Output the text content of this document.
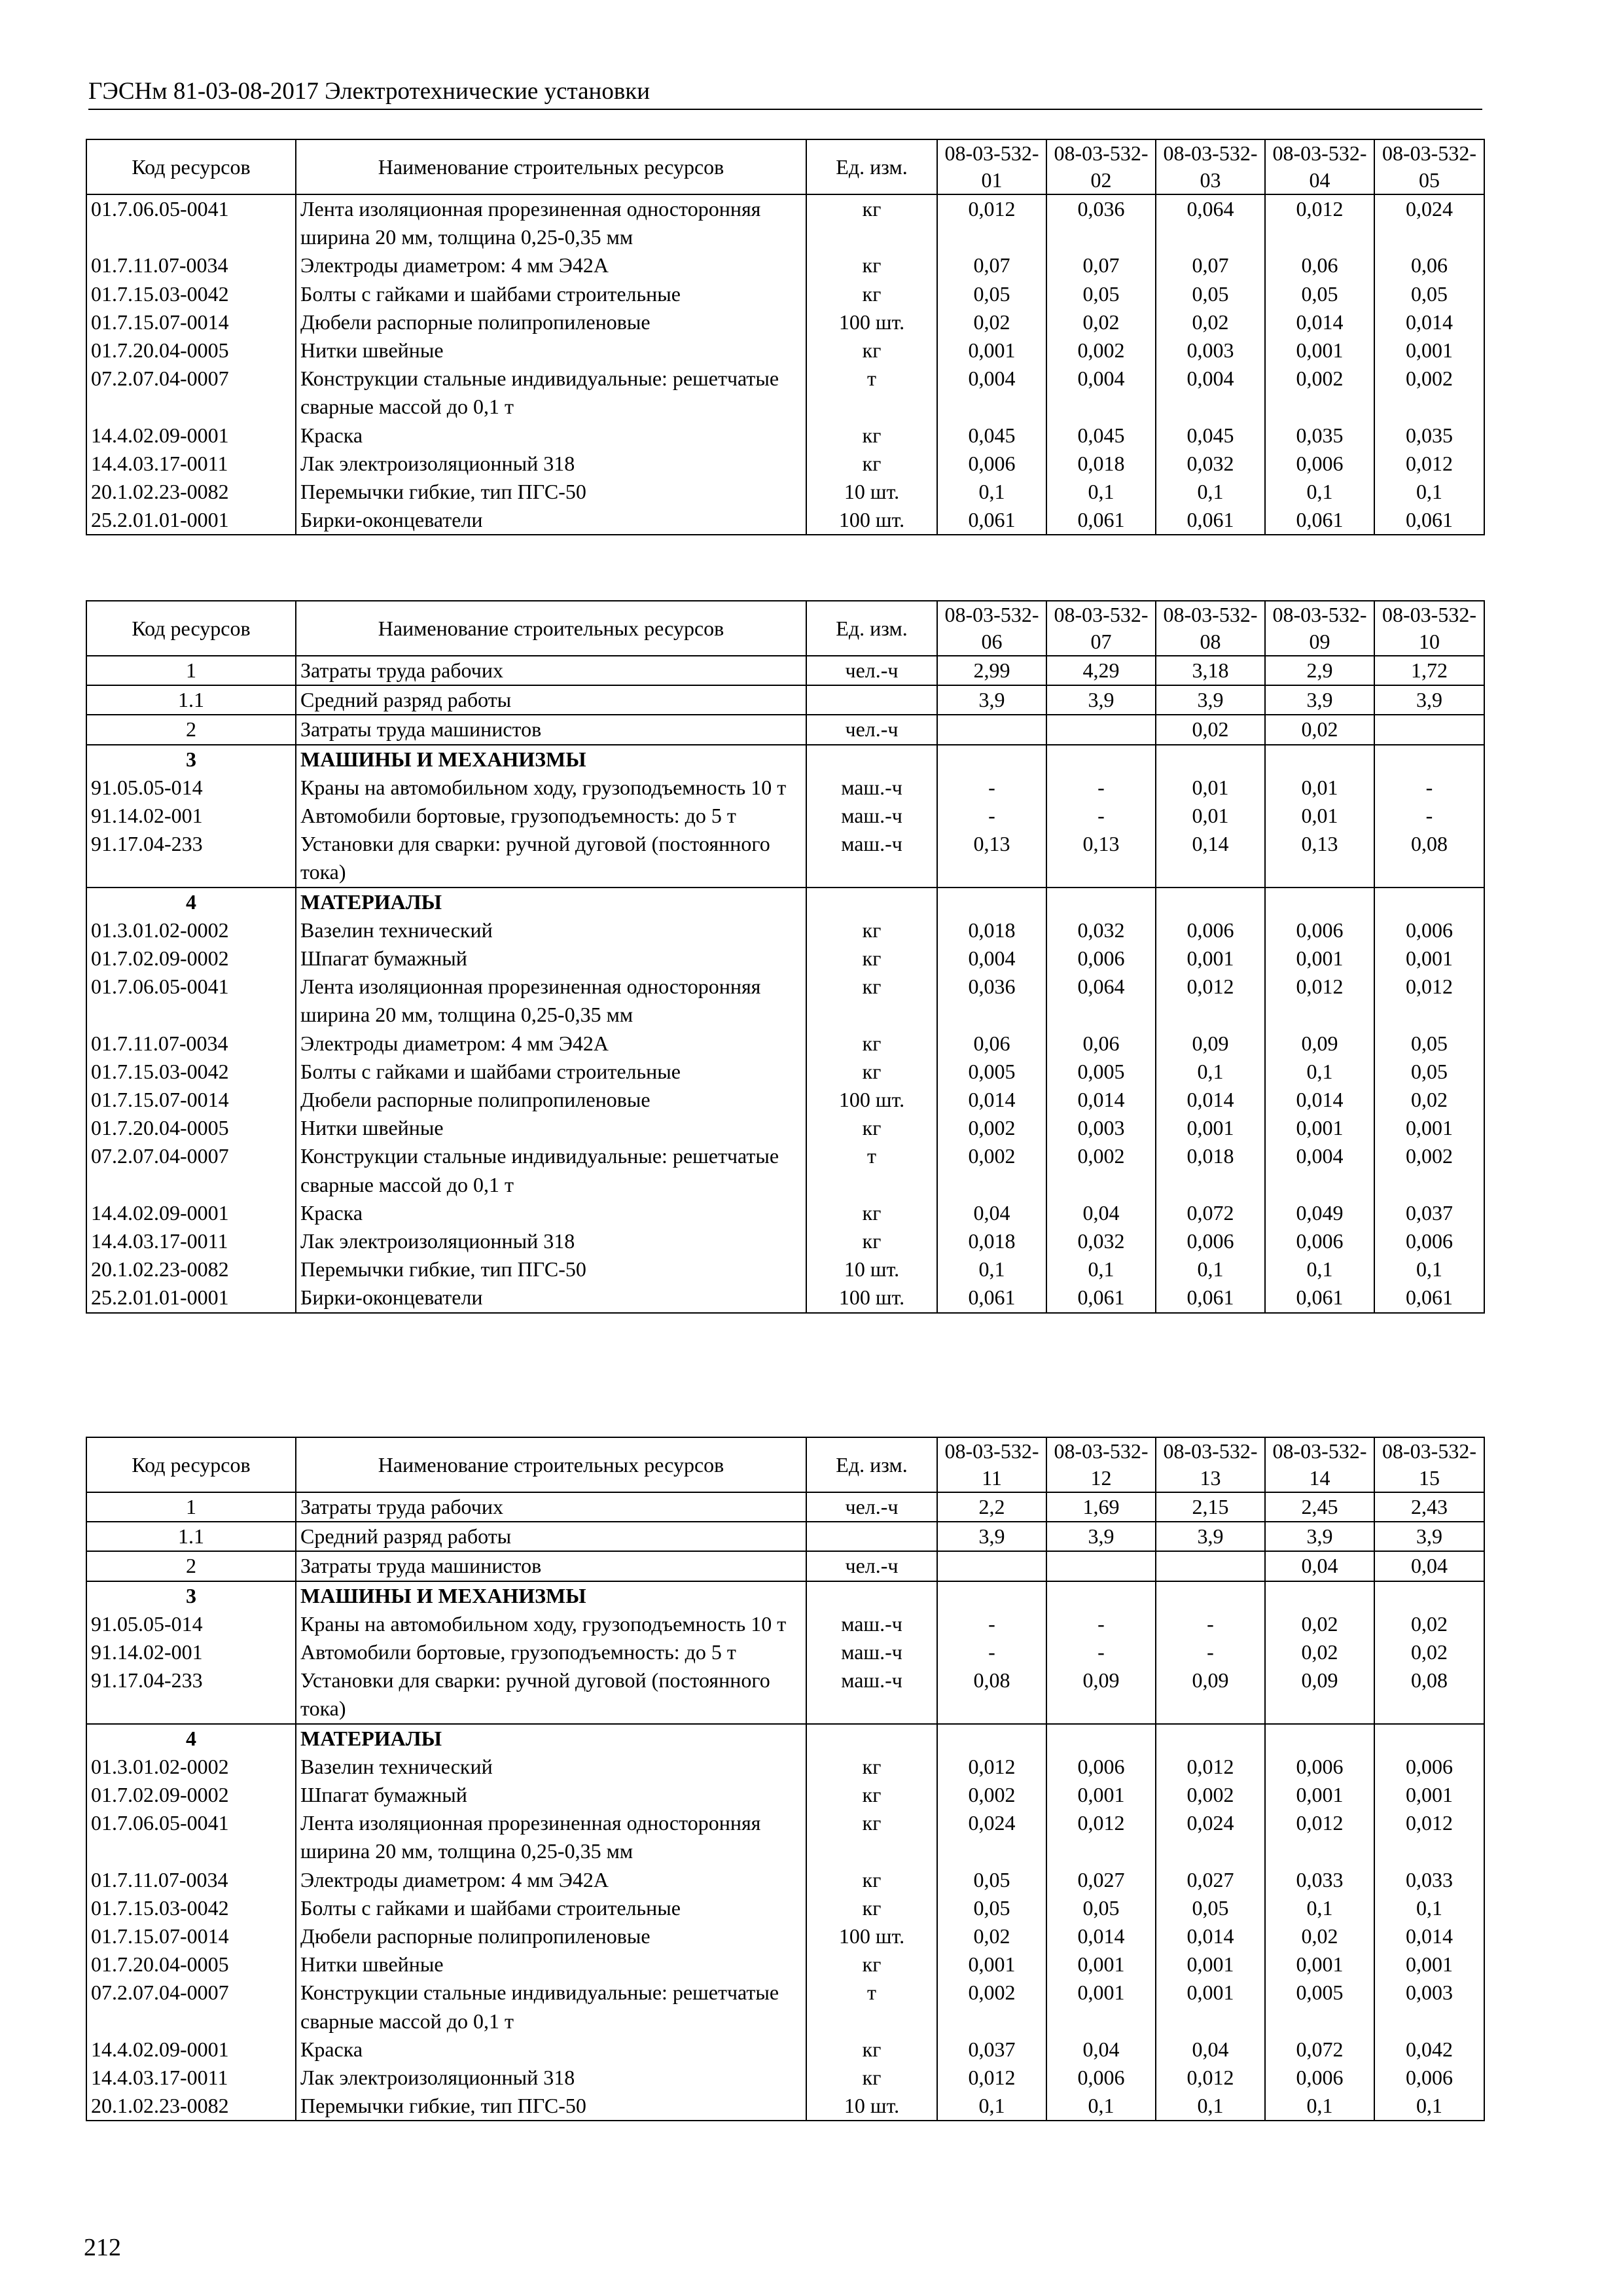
ГЭСНм 81-03-08-2017 Электротехнические установки
Код ресурсов	Наименование строительных ресурсов	Ед. изм.	08-03-532-01	08-03-532-02	08-03-532-03	08-03-532-04	08-03-532-05
01.7.06.05-0041	Лента изоляционная прорезиненная односторонняя ширина 20 мм, толщина 0,25-0,35 мм	кг	0,012	0,036	0,064	0,012	0,024
01.7.11.07-0034	Электроды диаметром: 4 мм Э42А	кг	0,07	0,07	0,07	0,06	0,06
01.7.15.03-0042	Болты с гайками и шайбами строительные	кг	0,05	0,05	0,05	0,05	0,05
01.7.15.07-0014	Дюбели распорные полипропиленовые	100 шт.	0,02	0,02	0,02	0,014	0,014
01.7.20.04-0005	Нитки швейные	кг	0,001	0,002	0,003	0,001	0,001
07.2.07.04-0007	Конструкции стальные индивидуальные: решетчатые сварные массой до 0,1 т	т	0,004	0,004	0,004	0,002	0,002
14.4.02.09-0001	Краска	кг	0,045	0,045	0,045	0,035	0,035
14.4.03.17-0011	Лак электроизоляционный 318	кг	0,006	0,018	0,032	0,006	0,012
20.1.02.23-0082	Перемычки гибкие, тип ПГС-50	10 шт.	0,1	0,1	0,1	0,1	0,1
25.2.01.01-0001	Бирки-оконцеватели	100 шт.	0,061	0,061	0,061	0,061	0,061
Код ресурсов	Наименование строительных ресурсов	Ед. изм.	08-03-532-06	08-03-532-07	08-03-532-08	08-03-532-09	08-03-532-10
1	Затраты труда рабочих	чел.-ч	2,99	4,29	3,18	2,9	1,72
1.1	Средний разряд работы		3,9	3,9	3,9	3,9	3,9
2	Затраты труда машинистов	чел.-ч			0,02	0,02	
3	МАШИНЫ И МЕХАНИЗМЫ						
91.05.05-014	Краны на автомобильном ходу, грузоподъемность 10 т	маш.-ч	-	-	0,01	0,01	-
91.14.02-001	Автомобили бортовые, грузоподъемность: до 5 т	маш.-ч	-	-	0,01	0,01	-
91.17.04-233	Установки для сварки: ручной дуговой (постоянного тока)	маш.-ч	0,13	0,13	0,14	0,13	0,08
4	МАТЕРИАЛЫ						
01.3.01.02-0002	Вазелин технический	кг	0,018	0,032	0,006	0,006	0,006
01.7.02.09-0002	Шпагат бумажный	кг	0,004	0,006	0,001	0,001	0,001
01.7.06.05-0041	Лента изоляционная прорезиненная односторонняя ширина 20 мм, толщина 0,25-0,35 мм	кг	0,036	0,064	0,012	0,012	0,012
01.7.11.07-0034	Электроды диаметром: 4 мм Э42А	кг	0,06	0,06	0,09	0,09	0,05
01.7.15.03-0042	Болты с гайками и шайбами строительные	кг	0,005	0,005	0,1	0,1	0,05
01.7.15.07-0014	Дюбели распорные полипропиленовые	100 шт.	0,014	0,014	0,014	0,014	0,02
01.7.20.04-0005	Нитки швейные	кг	0,002	0,003	0,001	0,001	0,001
07.2.07.04-0007	Конструкции стальные индивидуальные: решетчатые сварные массой до 0,1 т	т	0,002	0,002	0,018	0,004	0,002
14.4.02.09-0001	Краска	кг	0,04	0,04	0,072	0,049	0,037
14.4.03.17-0011	Лак электроизоляционный 318	кг	0,018	0,032	0,006	0,006	0,006
20.1.02.23-0082	Перемычки гибкие, тип ПГС-50	10 шт.	0,1	0,1	0,1	0,1	0,1
25.2.01.01-0001	Бирки-оконцеватели	100 шт.	0,061	0,061	0,061	0,061	0,061
Код ресурсов	Наименование строительных ресурсов	Ед. изм.	08-03-532-11	08-03-532-12	08-03-532-13	08-03-532-14	08-03-532-15
1	Затраты труда рабочих	чел.-ч	2,2	1,69	2,15	2,45	2,43
1.1	Средний разряд работы		3,9	3,9	3,9	3,9	3,9
2	Затраты труда машинистов	чел.-ч				0,04	0,04
3	МАШИНЫ И МЕХАНИЗМЫ						
91.05.05-014	Краны на автомобильном ходу, грузоподъемность 10 т	маш.-ч	-	-	-	0,02	0,02
91.14.02-001	Автомобили бортовые, грузоподъемность: до 5 т	маш.-ч	-	-	-	0,02	0,02
91.17.04-233	Установки для сварки: ручной дуговой (постоянного тока)	маш.-ч	0,08	0,09	0,09	0,09	0,08
4	МАТЕРИАЛЫ						
01.3.01.02-0002	Вазелин технический	кг	0,012	0,006	0,012	0,006	0,006
01.7.02.09-0002	Шпагат бумажный	кг	0,002	0,001	0,002	0,001	0,001
01.7.06.05-0041	Лента изоляционная прорезиненная односторонняя ширина 20 мм, толщина 0,25-0,35 мм	кг	0,024	0,012	0,024	0,012	0,012
01.7.11.07-0034	Электроды диаметром: 4 мм Э42А	кг	0,05	0,027	0,027	0,033	0,033
01.7.15.03-0042	Болты с гайками и шайбами строительные	кг	0,05	0,05	0,05	0,1	0,1
01.7.15.07-0014	Дюбели распорные полипропиленовые	100 шт.	0,02	0,014	0,014	0,02	0,014
01.7.20.04-0005	Нитки швейные	кг	0,001	0,001	0,001	0,001	0,001
07.2.07.04-0007	Конструкции стальные индивидуальные: решетчатые сварные массой до 0,1 т	т	0,002	0,001	0,001	0,005	0,003
14.4.02.09-0001	Краска	кг	0,037	0,04	0,04	0,072	0,042
14.4.03.17-0011	Лак электроизоляционный 318	кг	0,012	0,006	0,012	0,006	0,006
20.1.02.23-0082	Перемычки гибкие, тип ПГС-50	10 шт.	0,1	0,1	0,1	0,1	0,1
212
